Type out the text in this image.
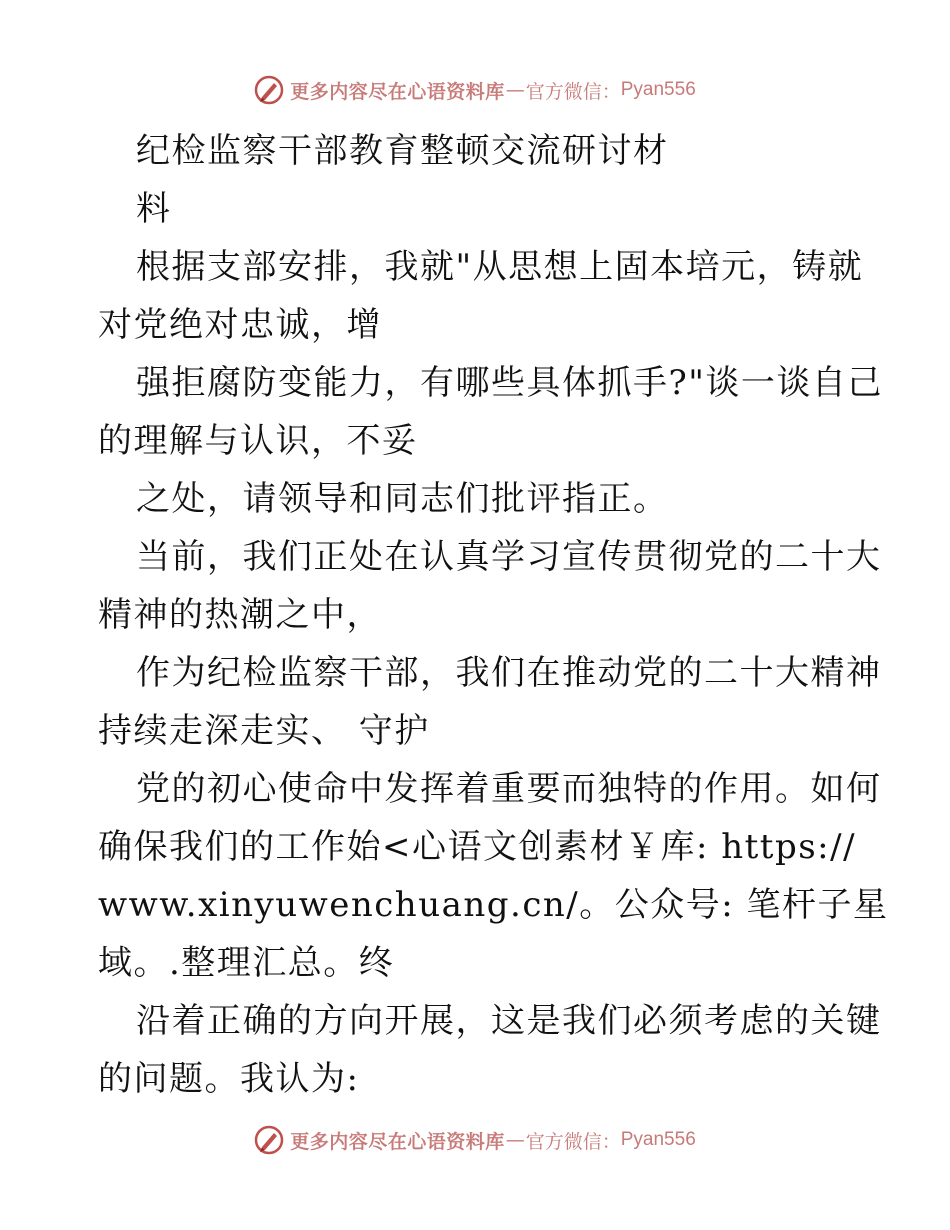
更多内容尽在心语资料库 — 官方微信： Pyan556
纪检监察干部教育整顿交流研讨材
料
根据支部安排，我就"从思想上固本培元，铸就
对党绝对忠诚，增
强拒腐防变能力，有哪些具体抓手?"谈一谈自己
的理解与认识，不妥
之处，请领导和同志们批评指正。
当前，我们正处在认真学习宣传贯彻党的二十大
精神的热潮之中，
作为纪检监察干部，我们在推动党的二十大精神
持续走深走实、 守护
党的初心使命中发挥着重要而独特的作用。如何
确保我们的工作始<心语文创素材￥库: https://
www.xinyuwenchuang.cn/。公众号: 笔杆子星
域。.整理汇总。终
沿着正确的方向开展，这是我们必须考虑的关键
的问题。我认为:
更多内容尽在心语资料库 — 官方微信： Pyan556
